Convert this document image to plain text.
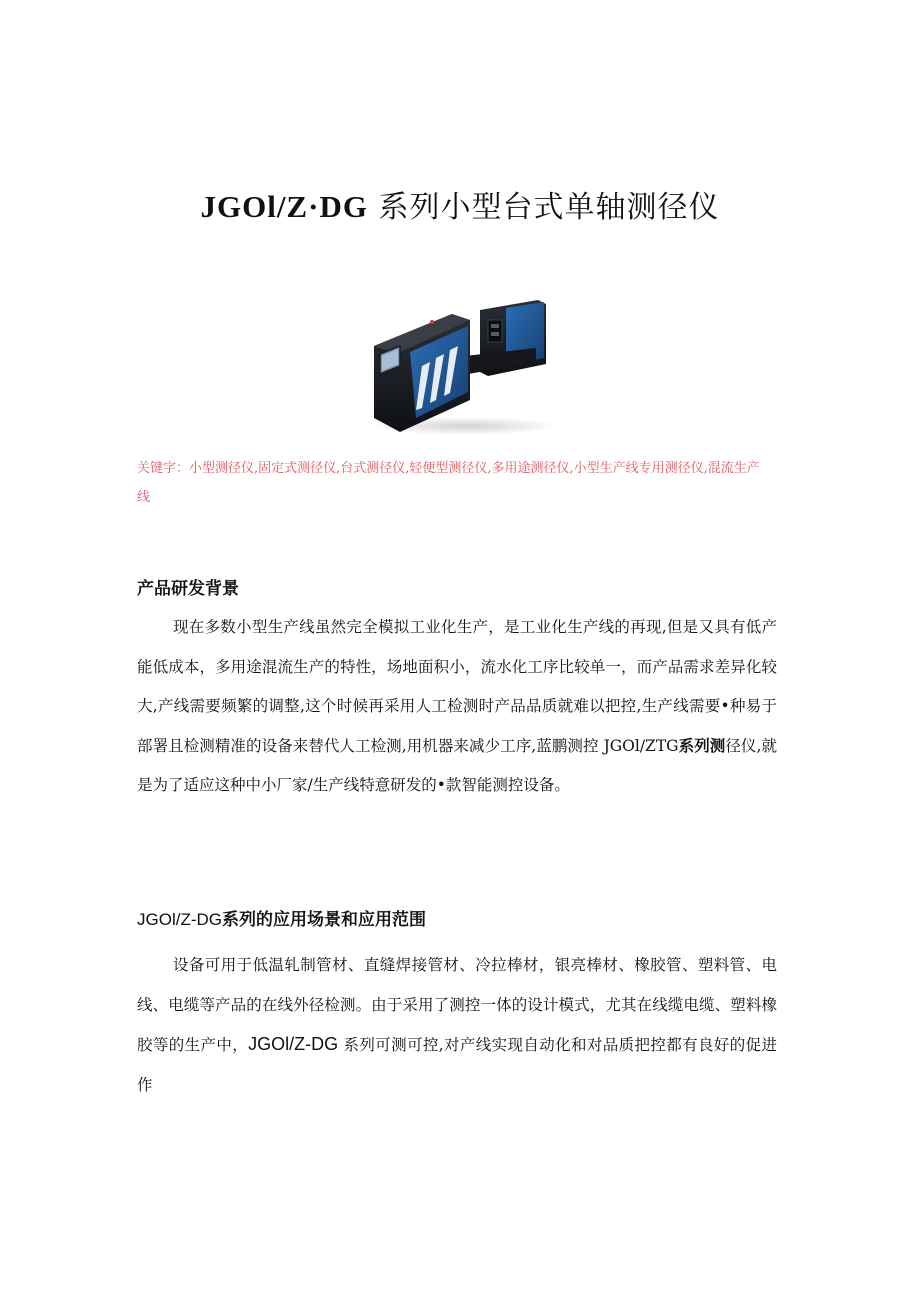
JGOl/Z·DG 系列小型台式单轴测径仪

关键字：小型测径仪,固定式测径仪,台式测径仪,轻便型测径仪,多用途测径仪,小型生产线专用测径仪,混流生产线

产品研发背景

现在多数小型生产线虽然完全模拟工业化生产，是工业化生产线的再现,但是又具有低产能低成本，多用途混流生产的特性，场地面积小，流水化工序比较单一，而产品需求差异化较大,产线需要频繁的调整,这个时候再采用人工检测时产品品质就难以把控,生产线需要•种易于部署且检测精准的设备来替代人工检测,用机器来减少工序,蓝鹏测控 JGOl/ZTG系列测径仪,就是为了适应这种中小厂家/生产线特意研发的•款智能测控设备。

JGOl/Z-DG系列的应用场景和应用范围

设备可用于低温轧制管材、直缝焊接管材、冷拉棒材，银亮棒材、橡胶管、塑料管、电线、电缆等产品的在线外径检测。由于采用了测控一体的设计模式，尤其在线缆电缆、塑料橡胶等的生产中，JGOl/Z-DG 系列可测可控,对产线实现自动化和对品质把控都有良好的促进作
